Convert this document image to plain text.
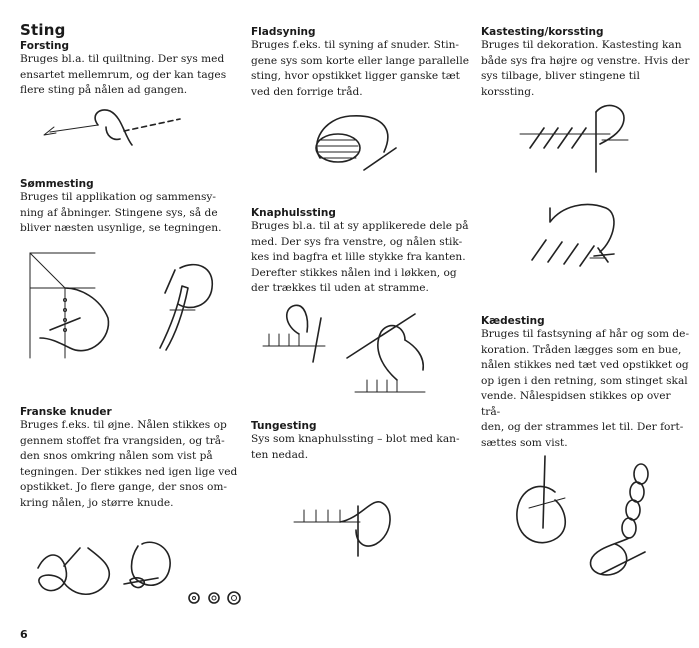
Sting
Forsting
Bruges bl.a. til quiltning. Der sys med
ensartet mellemrum, og der kan tages
flere sting på nålen ad gangen.
Sømmesting
Bruges til applikation og sammensy-
ning af åbninger. Stingene sys, så de
bliver næsten usynlige, se tegningen.
Franske knuder
Bruges f.eks. til øjne. Nålen stikkes op
gennem stoffet fra vrangsiden, og trå-
den snos omkring nålen som vist på
tegningen. Der stikkes ned igen lige ved
opstikket. Jo flere gange, der snos om-
kring nålen, jo større knude.
6
Fladsyning
Bruges f.eks. til syning af snuder. Stin-
gene sys som korte eller lange parallelle
sting, hvor opstikket ligger ganske tæt
ved den forrige tråd.
Knaphulssting
Bruges bl.a. til at sy applikerede dele på
med. Der sys fra venstre, og nålen stik-
kes ind bagfra et lille stykke fra kanten.
Derefter stikkes nålen ind i løkken, og
der trækkes til uden at stramme.
Tungesting
Sys som knaphulssting – blot med kan-
ten nedad.
Kastesting/korssting
Bruges til dekoration. Kastesting kan
både sys fra højre og venstre. Hvis der
sys tilbage, bliver stingene til korssting.
Kædesting
Bruges til fastsyning af hår og som de-
koration. Tråden lægges som en bue,
nålen stikkes ned tæt ved opstikket og
op igen i den retning, som stinget skal
vende. Nålespidsen stikkes op over trå-
den, og der strammes let til. Der fort-
sættes som vist.
